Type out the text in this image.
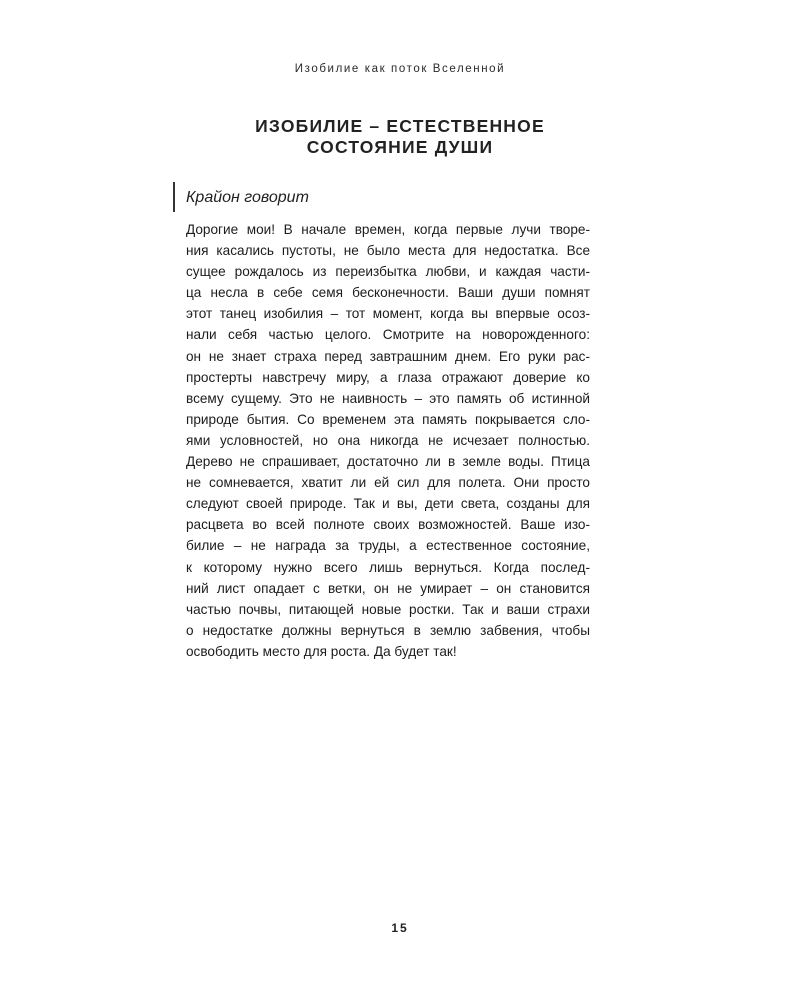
Изобилие как поток Вселенной
ИЗОБИЛИЕ – ЕСТЕСТВЕННОЕ
СОСТОЯНИЕ ДУШИ
Крайон говорит
Дорогие мои! В начале времен, когда первые лучи творе-
ния касались пустоты, не было места для недостатка. Все
сущее рождалось из переизбытка любви, и каждая части-
ца несла в себе семя бесконечности. Ваши души помнят
этот танец изобилия – тот момент, когда вы впервые осоз-
нали себя частью целого. Смотрите на новорожденного:
он не знает страха перед завтрашним днем. Его руки рас-
простерты навстречу миру, а глаза отражают доверие ко
всему сущему. Это не наивность – это память об истинной
природе бытия. Со временем эта память покрывается сло-
ями условностей, но она никогда не исчезает полностью.
Дерево не спрашивает, достаточно ли в земле воды. Птица
не сомневается, хватит ли ей сил для полета. Они просто
следуют своей природе. Так и вы, дети света, созданы для
расцвета во всей полноте своих возможностей. Ваше изо-
билие – не награда за труды, а естественное состояние,
к которому нужно всего лишь вернуться. Когда послед-
ний лист опадает с ветки, он не умирает – он становится
частью почвы, питающей новые ростки. Так и ваши страхи
о недостатке должны вернуться в землю забвения, чтобы
освободить место для роста. Да будет так!
15
